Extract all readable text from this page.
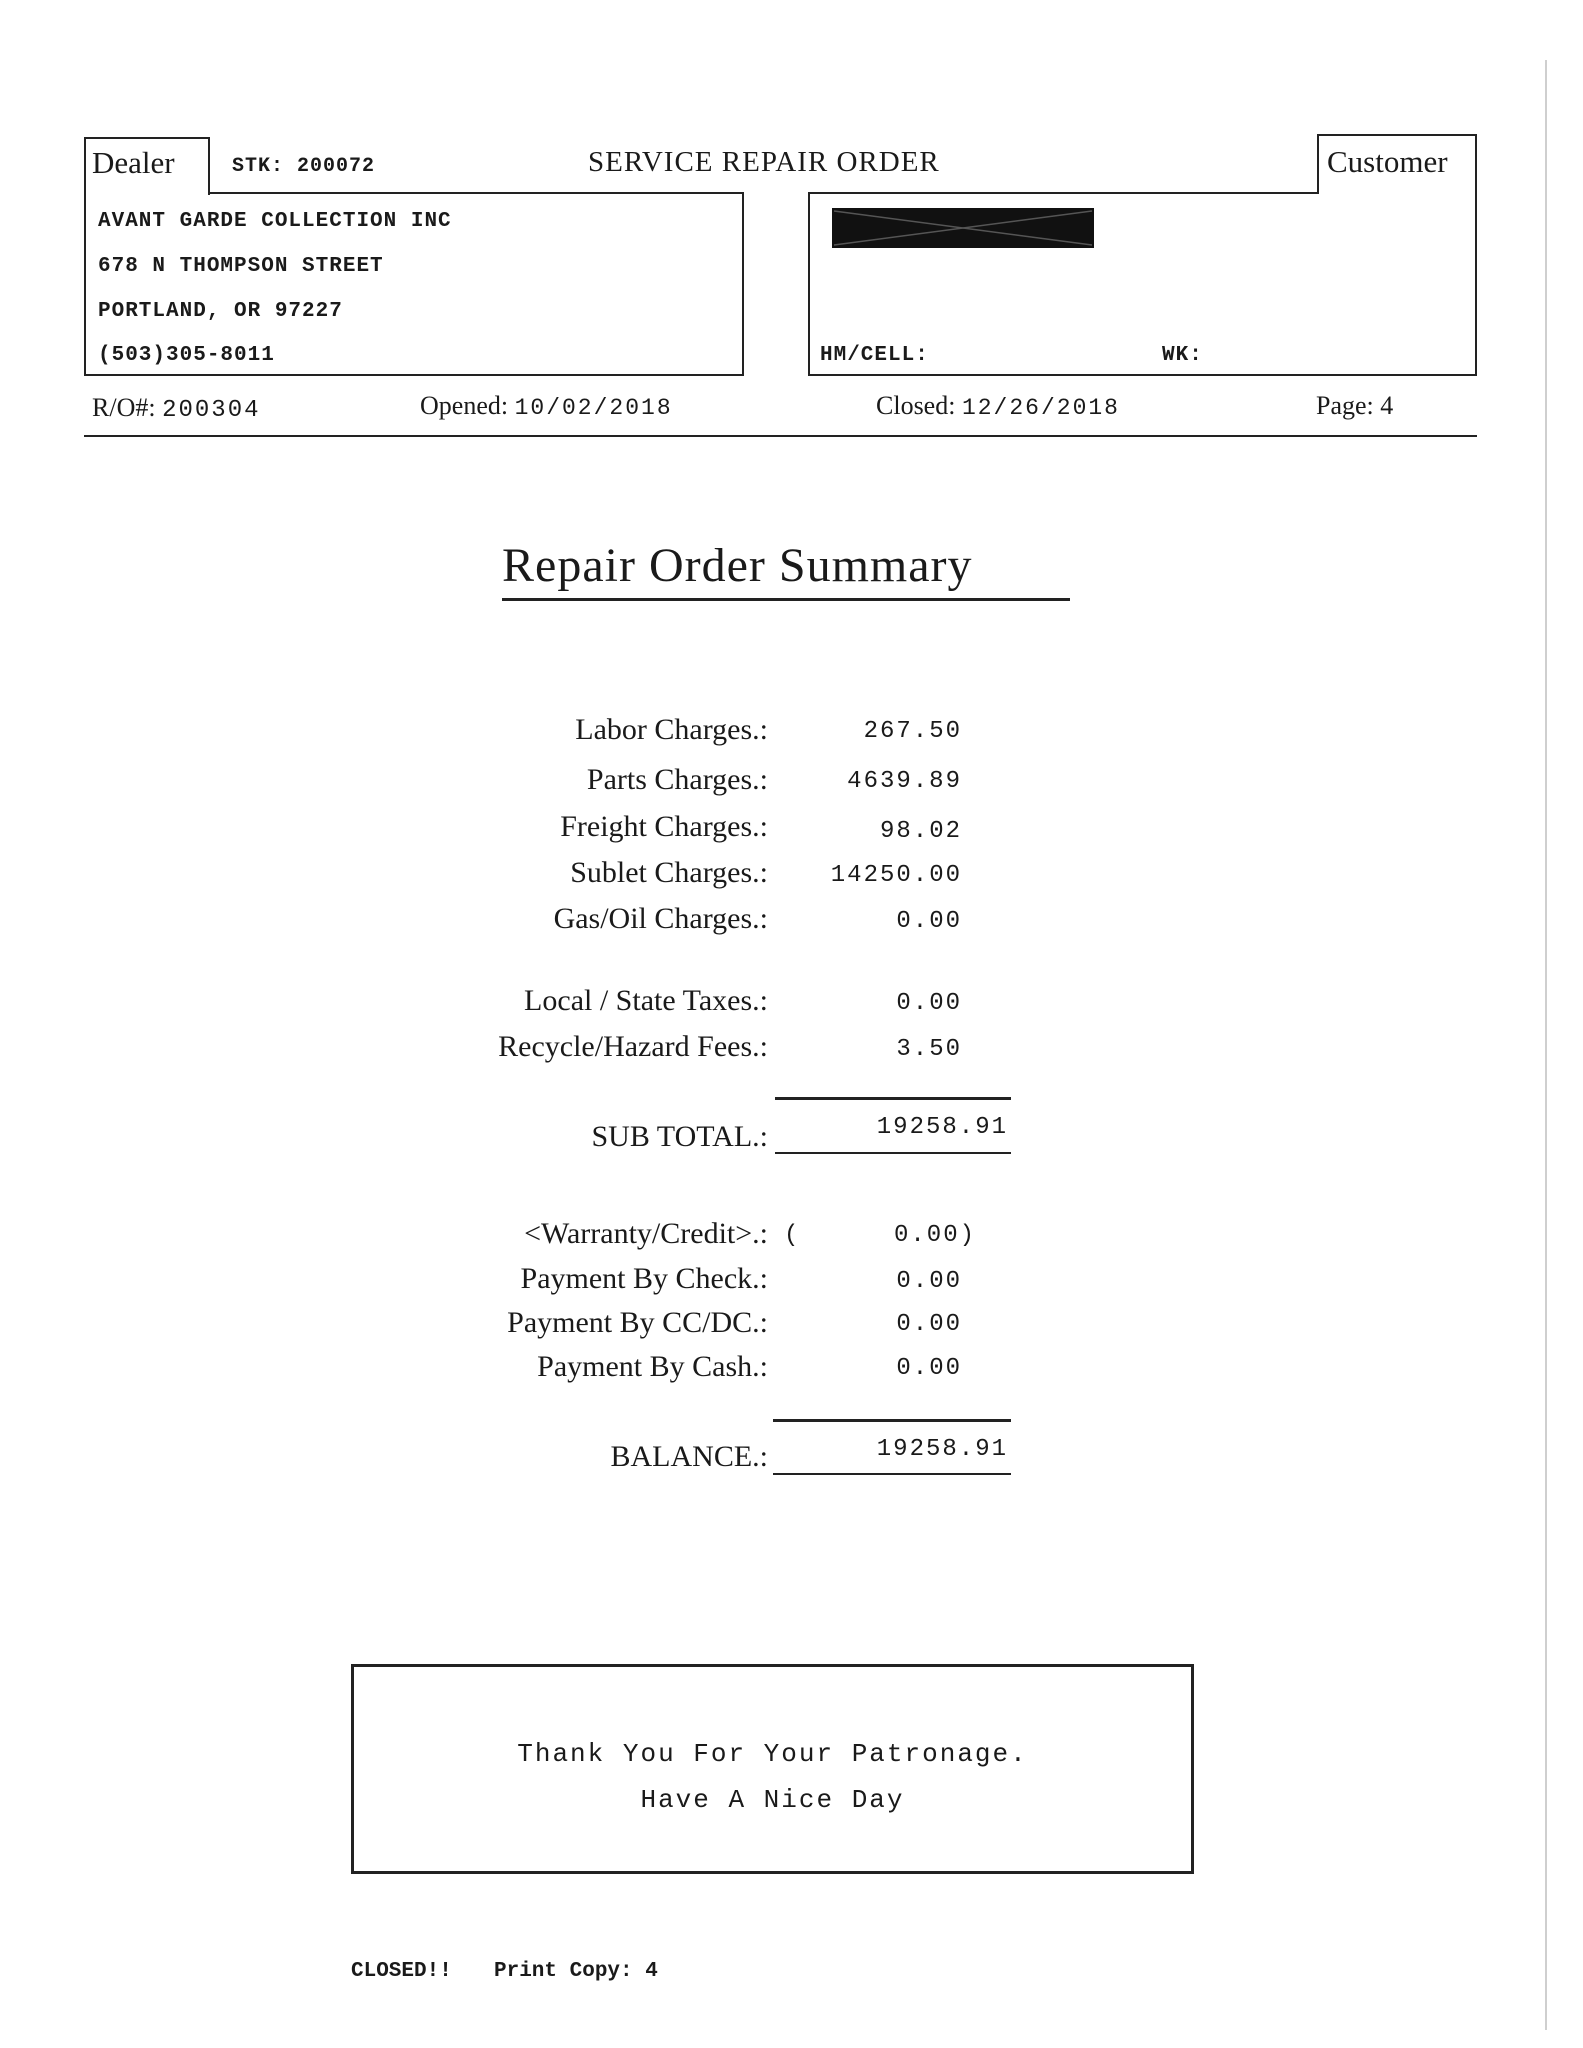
Dealer	STK: 200072	SERVICE REPAIR ORDER	Customer
AVANT GARDE COLLECTION INC
678 N THOMPSON STREET
PORTLAND, OR 97227
(503)305-8011	HM/CELL:	WK:
R/O#: 200304	Opened: 10/02/2018	Closed: 12/26/2018	Page: 4
Repair Order Summary
Labor Charges.:	267.50
Parts Charges.:	4639.89
Freight Charges.:	98.02
Sublet Charges.:	14250.00
Gas/Oil Charges.:	0.00
Local / State Taxes.:	0.00
Recycle/Hazard Fees.:	3.50
SUB TOTAL.:	19258.91
<Warranty/Credit>.: (	0.00)
Payment By Check.:	0.00
Payment By CC/DC.:	0.00
Payment By Cash.:	0.00
BALANCE.:	19258.91
Thank You For Your Patronage.
Have A Nice Day
CLOSED!! Print Copy: 4
